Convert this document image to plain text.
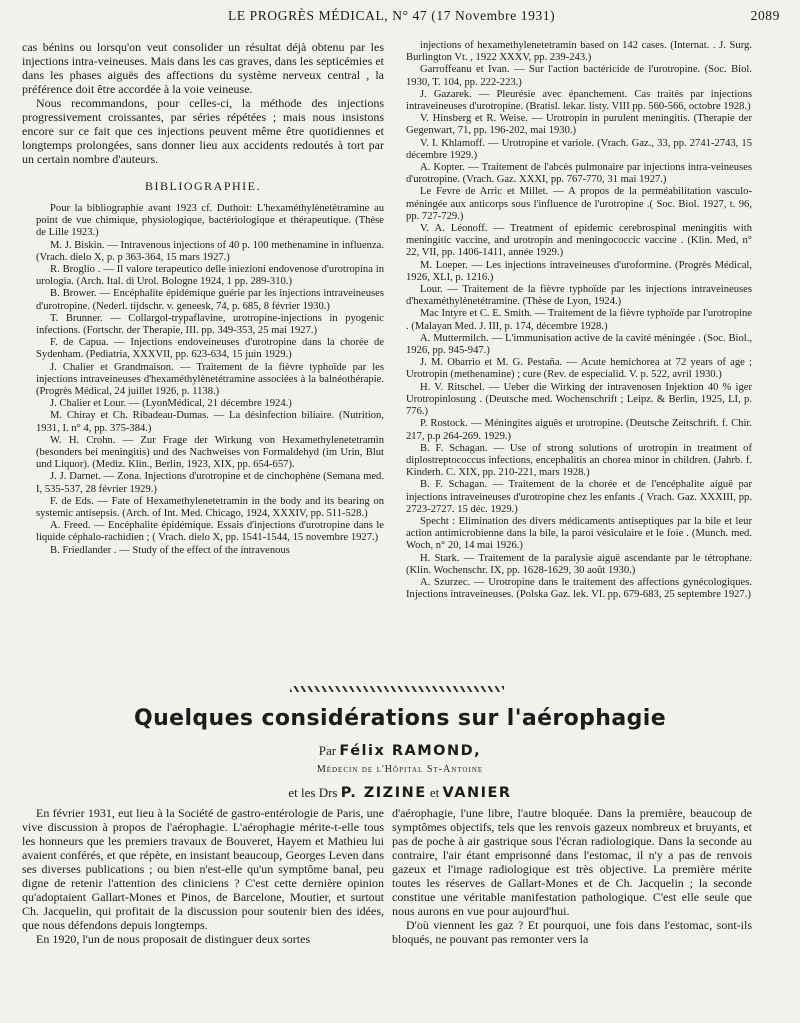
LE PROGRÈS MÉDICAL, N° 47 (17 Novembre 1931)	2089

cas bénins ou lorsqu'on veut consolider un résultat déjà obtenu par les injections intra-veineuses. Mais dans les cas graves, dans les septicémies et dans les phases aiguës des affections du système nerveux central , la préférence doit être accordée à la voie veineuse.

Nous recommandons, pour celles-ci, la méthode des injections progressivement croissantes, par séries répétées ; mais nous insistons encore sur ce fait que ces injections peuvent même être quotidiennes et longtemps prolongées, sans donner lieu aux accidents redoutés à tort par un certain nombre d'auteurs.

BIBLIOGRAPHIE.

Pour la bibliographie avant 1923 cf. Duthoit: L'hexaméthylènetétramine au point de vue chimique, physiologique, bactériologique et thérapeutique. (Thèse de Lille 1923.)

M. J. Biskin. — Intravenous injections of 40 p. 100 methenamine in influenza. (Vrach. dielo X, p. p 363-364, 15 mars 1927.)

R. Broglio . — Il valore terapeutico delle iniezioni endovenose d'urotropina in urologia. (Arch. Ital. di Urol. Bologne 1924, 1 pp. 289-310.)

B. Brower. — Encéphalite épidémique guérie par les injections intraveineuses d'urotropine. (Nederl. tijdschr. v. geneesk, 74, p. 685, 8 février 1930.)

T. Brunner. — Collargol-trypaflavine, urotropine-injections in pyogenic infections. (Fortschr. der Therapie, III. pp. 349-353, 25 mai 1927.)

F. de Capua. — Injections endoveineuses d'urotropine dans la chorée de Sydenham. (Pediatria, XXXVII, pp. 623-634, 15 juin 1929.)

J. Chalier et Grandmaison. — Traitement de la fièvre typhoïde par les injections intraveineuses d'hexaméthylènetétramine associées à la balnéothérapie. (Progrès Médical, 24 juillet 1926, p. 1138.)

J. Chalier et Lour. — (LyonMédical, 21 décembre 1924.)

M. Chiray et Ch. Ribadeau-Dumas. — La désinfection biliaire. (Nutrition, 1931, I. n° 4, pp. 375-384.)

W. H. Crohn. — Zur Frage der Wirkung von Hexamethylenetetramin (besonders bei meningitis) und des Nachweises von Formaldehyd (im Urin, Blut und Liquor). (Mediz. Klin., Berlin, 1923, XIX, pp. 654-657).

J. J. Darnet. — Zona. Injections d'urotropine et de cinchophène (Semana med. I, 535-537, 28 février 1929.)

F. de Eds. — Fate of Hexamethylenetetramin in the body and its bearing on systemic antisepsis. (Arch. of Int. Med. Chicago, 1924, XXXIV, pp. 511-528.)

A. Freed. — Encéphalite épidémique. Essais d'injections d'urotropine dans le liquide céphalo-rachidien ; ( Vrach. dielo X, pp. 1541-1544, 15 novembre 1927.)

B. Friedlander . — Study of the effect of the intravenous

injections of hexamethylenetetramin based on 142 cases. (Internat. . J. Surg. Burlington Vt. , 1922 XXXV, pp. 239-243.)

Garroffeanu et Ivan. — Sur l'action bactéricide de l'urotropine. (Soc. Biol. 1930, T. 104, pp. 222-223.)

J. Gazarek. — Pleurésie avec épanchement. Cas traités par injections intraveineuses d'urotropine. (Bratisl. lekar. listy. VIII pp. 560-566, octobre 1928.)

V. Hinsberg et R. Weise. — Urotropin in purulent meningitis. (Therapie der Gegenwart, 71, pp. 196-202, mai 1930.)

V. I. Khlamoff. — Urotropine et variole. (Vrach. Gaz., 33, pp. 2741-2743, 15 décembre 1929.)

A. Kopter. — Traitement de l'abcès pulmonaire par injections intra-veineuses d'urotropine. (Vrach. Gaz. XXXI, pp. 767-770, 31 mai 1927.)

Le Fevre de Arric et Millet. — A propos de la perméabilitation vasculo-méningée aux anticorps sous l'influence de l'urotropine .( Soc. Biol. 1927, t. 96, pp. 727-729.)

V. A. Léonoff. — Treatment of epidemic cerebrospinal meningitis with meningitic vaccine, and urotropin and meningococcic vaccine . (Klin. Med, n° 22, VII, pp. 1406-1411, année 1929.)

M. Loeper. — Les injections intraveineuses d'uroformine. (Progrès Médical, 1926, XLI, p. 1216.)

Lour. — Traitement de la fièvre typhoïde par les injections intraveineuses d'hexaméthylènetétramine. (Thèse de Lyon, 1924.)

Mac Intyre et C. E. Smith. — Traitement de la fièvre typhoïde par l'urotropine . (Malayan Med. J. III, p. 174, décembre 1928.)

A. Muttermilch. — L'immunisation active de la cavité méningée . (Soc. Biol., 1926, pp. 945-947.)

J. M. Obarrio et M. G. Pestaña. — Acute hemichorea at 72 years of age ; Urotropin (methenamine) ; cure (Rev. de especialid. V. p. 522, avril 1930.)

H. V. Ritschel. — Ueber die Wirking der intravenosen Injektion 40 % iger Urotropinlosung . (Deutsche med. Wochenschrift ; Leipz. & Berlin, 1925, LI, p. 776.)

P. Rostock. — Méningites aiguës et urotropine. (Deutsche Zeitschrift. f. Chir. 217, p.p 264-269. 1929.)

B. F. Schagan. — Use of strong solutions of urotropin in treatment of diplostreptococcus infections, encephalitis an chorea minor in children. (Jahrb. f. Kinderh. C. XIX, pp. 210-221, mars 1928.)

B. F. Schagan. — Traitement de la chorée et de l'encéphalite aiguë par injections intraveineuses d'urotropine chez les enfants .( Vrach. Gaz. XXXIII, pp. 2723-2727. 15 déc. 1929.)

Specht : Elimination des divers médicaments antiseptiques par la bile et leur action antimicrobienne dans la bile, la paroi vésiculaire et le foie . (Munch. med. Woch, n° 20, 14 mai 1926.)

H. Stark. — Traitement de la paralysie aiguë ascendante par le tétrophane. (Klin. Wochenschr. IX, pp. 1628-1629, 30 août 1930.)

A. Szurzec. — Urotropine dans le traitement des affections gynécologiques. Injections intraveineuses. (Polska Gaz. lek. VI. pp. 679-683, 25 septembre 1927.)

Quelques considérations sur l'aérophagie
Par Félix RAMOND,
Médecin de l'Hôpital St-Antoine
et les Drs P. ZIZINE et VANIER

En février 1931, eut lieu à la Société de gastro-entérologie de Paris, une vive discussion à propos de l'aérophagie. L'aérophagie mérite-t-elle tous les honneurs que les premiers travaux de Bouveret, Hayem et Mathieu lui avaient conférés, et que répète, en insistant beaucoup, Georges Leven dans ses diverses publications ; ou bien n'est-elle qu'un symptôme banal, peu digne de retenir l'attention des cliniciens ? C'est cette dernière opinion qu'adoptaient Gallart-Mones et Pinos, de Barcelone, Moutier, et surtout Ch. Jacquelin, qui profitait de la discussion pour soutenir bien des idées, que nous défendons depuis longtemps.

En 1920, l'un de nous proposait de distinguer deux sortes

d'aérophagie, l'une libre, l'autre bloquée. Dans la première, beaucoup de symptômes objectifs, tels que les renvois gazeux nombreux et bruyants, et pas de poche à air gastrique sous l'écran radiologique. Dans la seconde au contraire, l'air étant emprisonné dans l'estomac, il n'y a pas de renvois gazeux et l'image radiologique est très objective. La première mérite toutes les réserves de Gallart-Mones et de Ch. Jacquelin ; la seconde constitue une véritable manifestation pathologique. C'est elle seule que nous aurons en vue pour aujourd'hui.

D'où viennent les gaz ? Et pourquoi, une fois dans l'estomac, sont-ils bloqués, ne pouvant pas remonter vers la
